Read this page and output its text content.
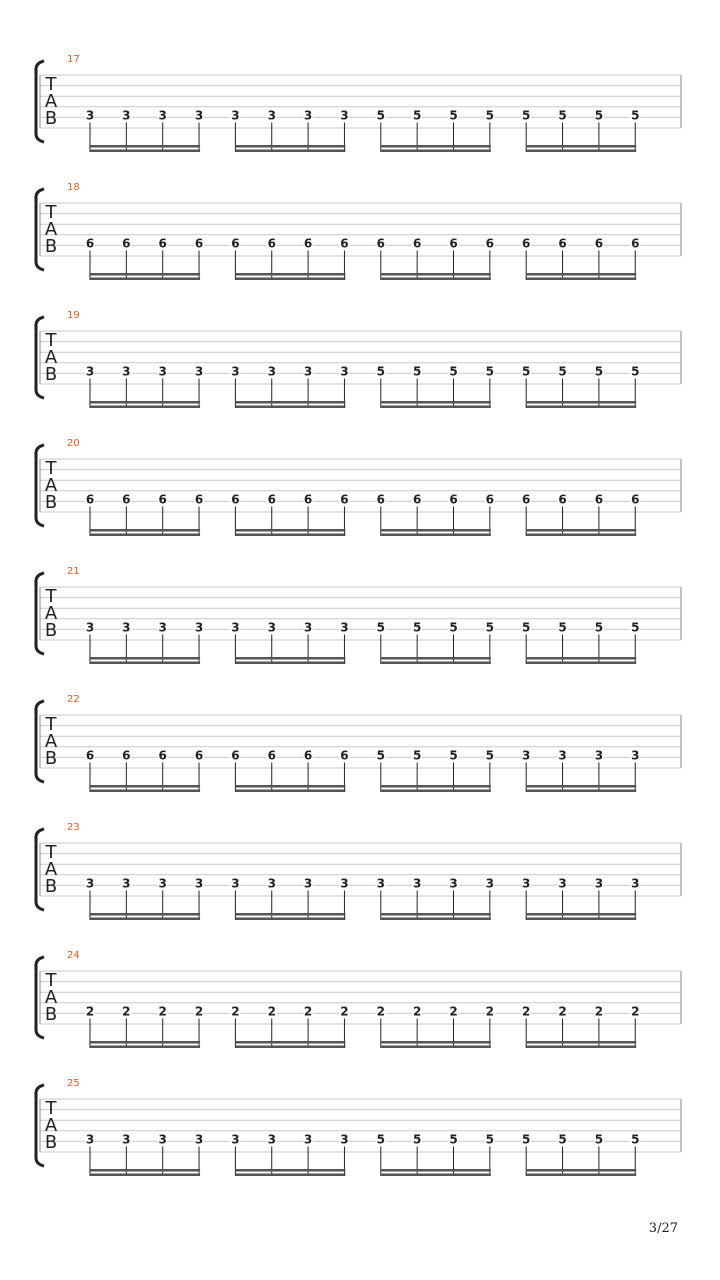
17
T
A
B 3 3 3 3 3 3 3 3 5 5 5 5 5 5 5 5
18
T
A
B 6 6 6 6 6 6 6 6 6 6 6 6 6 6 6 6
19
T
A
B 3 3 3 3 3 3 3 3 5 5 5 5 5 5 5 5
20
T
A
B 6 6 6 6 6 6 6 6 6 6 6 6 6 6 6 6
21
T
A
B 3 3 3 3 3 3 3 3 5 5 5 5 5 5 5 5
22
T
A
B 6 6 6 6 6 6 6 6 5 5 5 5 3 3 3 3
23
T
A
B 3 3 3 3 3 3 3 3 3 3 3 3 3 3 3 3
24
T
A
B 2 2 2 2 2 2 2 2 2 2 2 2 2 2 2 2
25
T
A
B 3 3 3 3 3 3 3 3 5 5 5 5 5 5 5 5
3/27
